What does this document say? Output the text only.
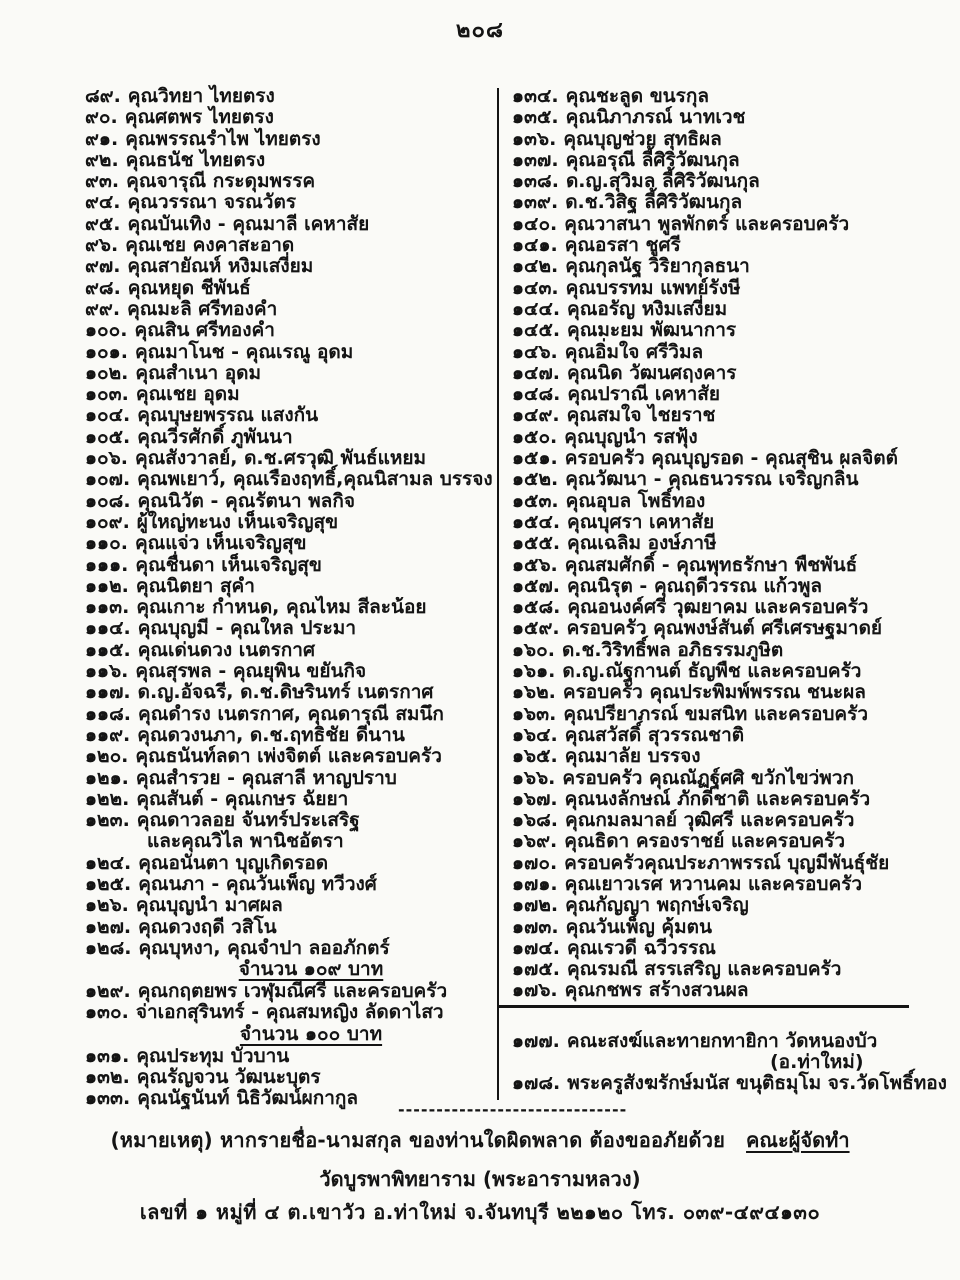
๒๐๘
๘๙. คุณวิทยา ไทยตรง
๙๐. คุณศตพร ไทยตรง
๙๑. คุณพรรณรำไพ ไทยตรง
๙๒. คุณธนัช ไทยตรง
๙๓. คุณจารุณี กระดุมพรรค
๙๔. คุณวรรณา จรณวัตร
๙๕. คุณบันเทิง - คุณมาลี เคหาสัย
๙๖. คุณเชย คงคาสะอาด
๙๗. คุณสายัณห์ หงิมเสงี่ยม
๙๘. คุณหยุด ชีพันธ์
๙๙. คุณมะลิ ศรีทองคำ
๑๐๐. คุณสิน ศรีทองคำ
๑๐๑. คุณมาโนช - คุณเรณู อุดม
๑๐๒. คุณสำเนา อุดม
๑๐๓. คุณเชย อุดม
๑๐๔. คุณบุษยพรรณ แสงกัน
๑๐๕. คุณวีรศักดิ์ ภูพันนา
๑๐๖. คุณสังวาลย์, ด.ช.ศรวุฒิ พันธ์แหยม
๑๐๗. คุณพเยาว์, คุณเรืองฤทธิ์,คุณนิสามล บรรจง
๑๐๘. คุณนิวัต - คุณรัตนา พลกิจ
๑๐๙. ผู้ใหญ่ทะนง เห็นเจริญสุข
๑๑๐. คุณแจ่ว เห็นเจริญสุข
๑๑๑. คุณชื่นดา เห็นเจริญสุข
๑๑๒. คุณนิตยา สุคำ
๑๑๓. คุณเกาะ กำหนด, คุณไหม สีละน้อย
๑๑๔. คุณบุญมี - คุณใหล ประมา
๑๑๕. คุณเด่นดวง เนตรกาศ
๑๑๖. คุณสุรพล - คุณยุพิน ขยันกิจ
๑๑๗. ด.ญ.อัจฉรี, ด.ช.ดิษรินทร์ เนตรกาศ
๑๑๘. คุณดำรง เนตรกาศ, คุณดารุณี สมนึก
๑๑๙. คุณดวงนภา, ด.ช.ฤทธิชัย ดีนาน
๑๒๐. คุณธนันท์ลดา เพ่งจิตต์ และครอบครัว
๑๒๑. คุณสำรวย - คุณสาลี หาญปราบ
๑๒๒. คุณสันต์ - คุณเกษร ฉัยยา
๑๒๓. คุณดาวลอย จันทร์ประเสริฐ
และคุณวิไล พานิชอัตรา
๑๒๔. คุณอนันตา บุญเกิดรอด
๑๒๕. คุณนภา - คุณวันเพ็ญ ทวีวงศ์
๑๒๖. คุณบุญนำ มาศผล
๑๒๗. คุณดวงฤดี วสิโน
๑๒๘. คุณบุหงา, คุณจำปา ลออภักตร์
จำนวน ๑๐๙ บาท
๑๒๙. คุณกฤตยพร เวฬุมณีศรี และครอบครัว
๑๓๐. จ่าเอกสุรินทร์ - คุณสมหญิง ลัดดาไสว
จำนวน ๑๐๐ บาท
๑๓๑. คุณประทุม บัวบาน
๑๓๒. คุณรัญจวน วัฒนะบุตร
๑๓๓. คุณนัฐนันท์ นิธิวัฒน์ผกากูล
๑๓๔. คุณชะลูด ขนรกุล
๑๓๕. คุณนิภาภรณ์ นาทเวช
๑๓๖. คุณบุญช่วย สุทธิผล
๑๓๗. คุณอรุณี ลี้ศิริวัฒนกุล
๑๓๘. ด.ญ.สุวิมล ลี้ศิริวัฒนกุล
๑๓๙. ด.ช.วิสิฐ ลี้ศิริวัฒนกุล
๑๔๐. คุณวาสนา พูลพักตร์ และครอบครัว
๑๔๑. คุณอรสา ชูศรี
๑๔๒. คุณกุลนัฐ วิริยากุลธนา
๑๔๓. คุณบรรทม แพทย์รังษี
๑๔๔. คุณอรัญ หงิมเสงี่ยม
๑๔๕. คุณมะยม พัฒนาการ
๑๔๖. คุณอิ่มใจ ศรีวิมล
๑๔๗. คุณนิด วัฒนศฤงคาร
๑๔๘. คุณปราณี เคหาสัย
๑๔๙. คุณสมใจ ไชยราช
๑๕๐. คุณบุญนำ รสฟุ้ง
๑๕๑. ครอบครัว คุณบุญรอด - คุณสุชิน ผลจิตต์
๑๕๒. คุณวัฒนา - คุณธนวรรณ เจริญกลิ่น
๑๕๓. คุณอุบล โพธิ์ทอง
๑๕๔. คุณบุศรา เคหาสัย
๑๕๕. คุณเฉลิม องษ์ภาษี
๑๕๖. คุณสมศักดิ์ - คุณพุทธรักษา พืชพันธ์
๑๕๗. คุณนิรุต - คุณฤดีวรรณ แก้วพูล
๑๕๘. คุณอนงค์ศรี วุฒยาคม และครอบครัว
๑๕๙. ครอบครัว คุณพงษ์สันต์ ศรีเศรษฐมาดย์
๑๖๐. ด.ช.วิริทธิ์พล อภิธรรมภูษิต
๑๖๑. ด.ญ.ณัฐกานต์ ธัญพืช และครอบครัว
๑๖๒. ครอบครัว คุณประพิมพ์พรรณ ชนะผล
๑๖๓. คุณปรียาภรณ์ ขมสนิท และครอบครัว
๑๖๔. คุณสวัสดิ์ สุวรรณชาติ
๑๖๕. คุณมาลัย บรรจง
๑๖๖. ครอบครัว คุณณัฏฐ์ศศิ ขวักไขว่พวก
๑๖๗. คุณนงลักษณ์ ภักดีชาติ และครอบครัว
๑๖๘. คุณกมลมาลย์ วุฒิศรี และครอบครัว
๑๖๙. คุณธิดา ครองราชย์ และครอบครัว
๑๗๐. ครอบครัวคุณประภาพรรณ์ บุญมีพันธุ์ชัย
๑๗๑. คุณเยาวเรศ หวานคม และครอบครัว
๑๗๒. คุณกัญญา พฤกษ์เจริญ
๑๗๓. คุณวันเพ็ญ คุ้มตน
๑๗๔. คุณเรวดี ฉวีวรรณ
๑๗๕. คุณรมณี สรรเสริญ และครอบครัว
๑๗๖. คุณกชพร สร้างสวนผล
๑๗๗. คณะสงฆ์และทายกทายิกา วัดหนองบัว
(อ.ท่าใหม่)
๑๗๘. พระครูสังฆรักษ์มนัส ขนุติธมุโม จร.วัดโพธิ์ทอง
------------------------------
(หมายเหตุ) หากรายชื่อ-นามสกุล ของท่านใดผิดพลาด ต้องขออภัยด้วย คณะผู้จัดทำ
วัดบูรพาพิทยาราม (พระอารามหลวง)
เลขที่ ๑ หมู่ที่ ๔ ต.เขาวัว อ.ท่าใหม่ จ.จันทบุรี ๒๒๑๒๐ โทร. ๐๓๙-๔๙๔๑๓๐
